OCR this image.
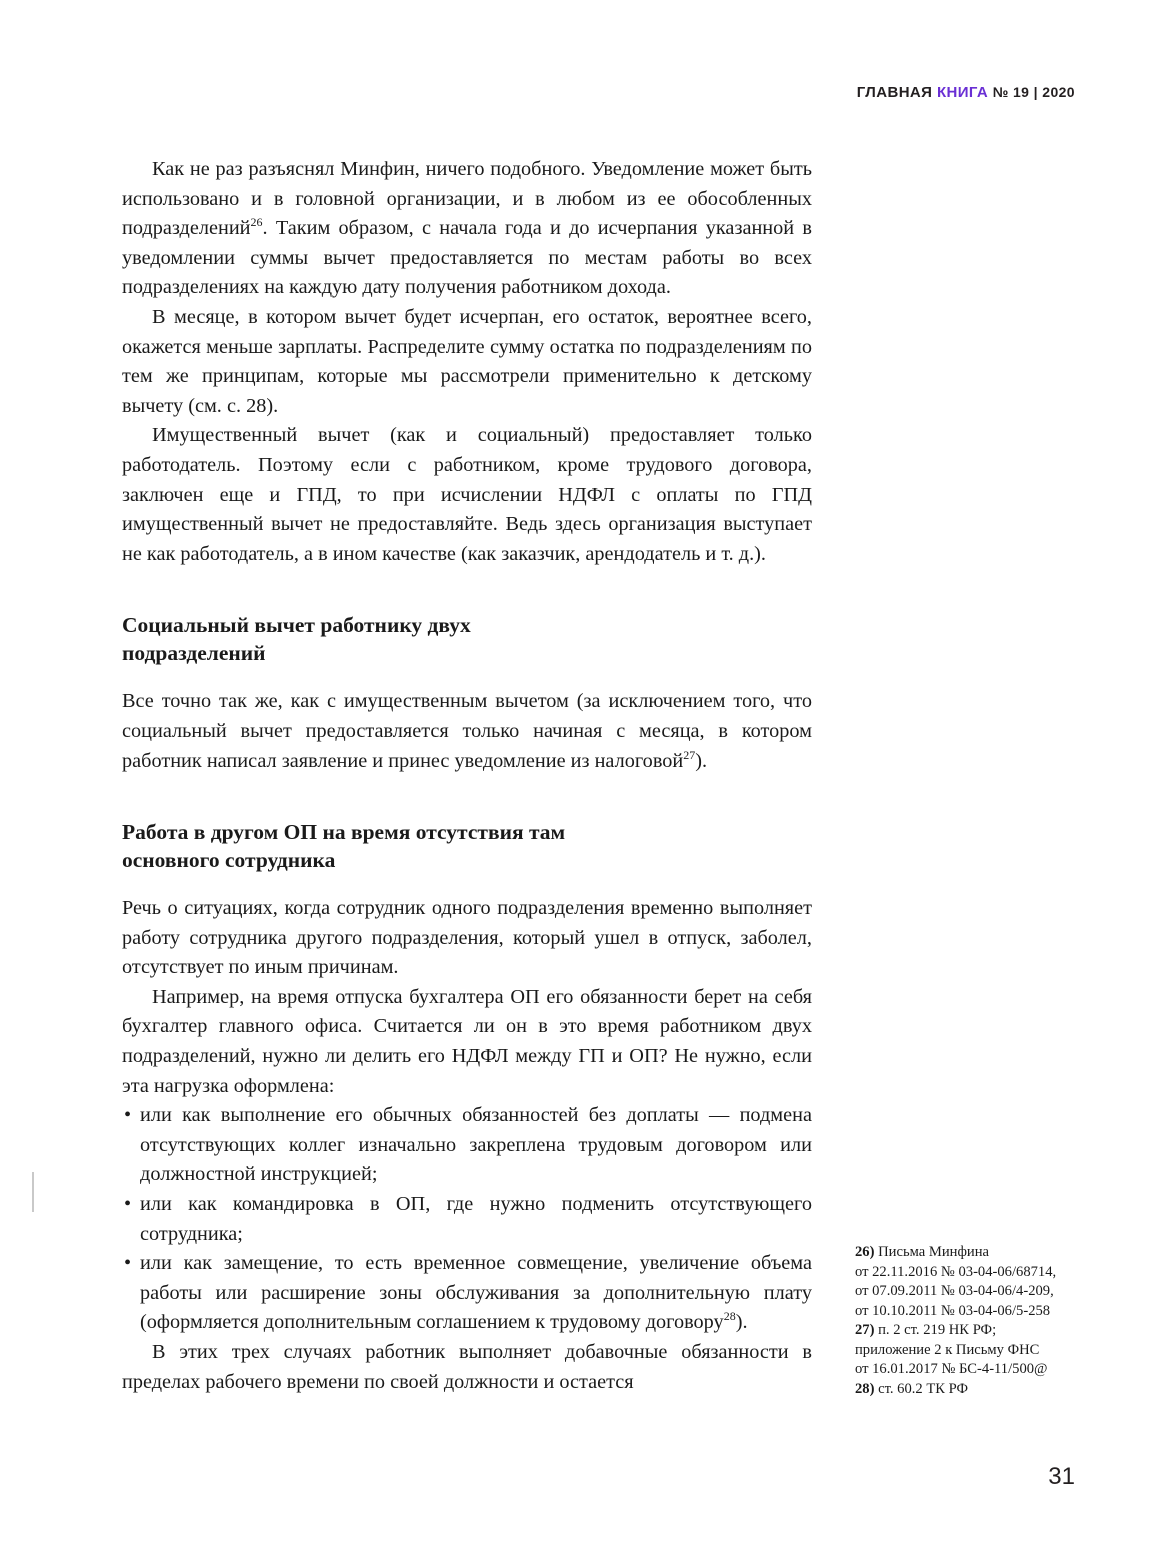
ГЛАВНАЯ КНИГА № 19 | 2020

Как не раз разъяснял Минфин, ничего подобного. Уведомление может быть использовано и в головной организации, и в любом из ее обособленных подразделений$^{26}$. Таким образом, с начала года и до исчерпания указанной в уведомлении суммы вычет предоставляется по местам работы во всех подразделениях на каждую дату получения работником дохода.

В месяце, в котором вычет будет исчерпан, его остаток, вероятнее всего, окажется меньше зарплаты. Распределите сумму остатка по подразделениям по тем же принципам, которые мы рассмотрели применительно к детскому вычету (см. с. 28).

Имущественный вычет (как и социальный) предоставляет только работодатель. Поэтому если с работником, кроме трудового договора, заключен еще и ГПД, то при исчислении НДФЛ с оплаты по ГПД имущественный вычет не предоставляйте. Ведь здесь организация выступает не как работодатель, а в ином качестве (как заказчик, арендодатель и т. д.).

Социальный вычет работнику двух
подразделений

Все точно так же, как с имущественным вычетом (за исключением того, что социальный вычет предоставляется только начиная с месяца, в котором работник написал заявление и принес уведомление из налоговой$^{27}$).

Работа в другом ОП на время отсутствия там
основного сотрудника

Речь о ситуациях, когда сотрудник одного подразделения временно выполняет работу сотрудника другого подразделения, который ушел в отпуск, заболел, отсутствует по иным причинам.

Например, на время отпуска бухгалтера ОП его обязанности берет на себя бухгалтер главного офиса. Считается ли он в это время работником двух подразделений, нужно ли делить его НДФЛ между ГП и ОП? Не нужно, если эта нагрузка оформлена:

• или как выполнение его обычных обязанностей без доплаты — подмена отсутствующих коллег изначально закреплена трудовым договором или должностной инструкцией;
• или как командировка в ОП, где нужно подменить отсутствующего сотрудника;
• или как замещение, то есть временное совмещение, увеличение объема работы или расширение зоны обслуживания за дополнительную плату (оформляется дополнительным соглашением к трудовому договору$^{28}$).

В этих трех случаях работник выполняет добавочные обязанности в пределах рабочего времени по своей должности и остается

26) Письма Минфина
от 22.11.2016 № 03-04-06/68714,
от 07.09.2011 № 03-04-06/4-209,
от 10.10.2011 № 03-04-06/5-258
27) п. 2 ст. 219 НК РФ;
приложение 2 к Письму ФНС
от 16.01.2017 № БС-4-11/500@
28) ст. 60.2 ТК РФ
31
